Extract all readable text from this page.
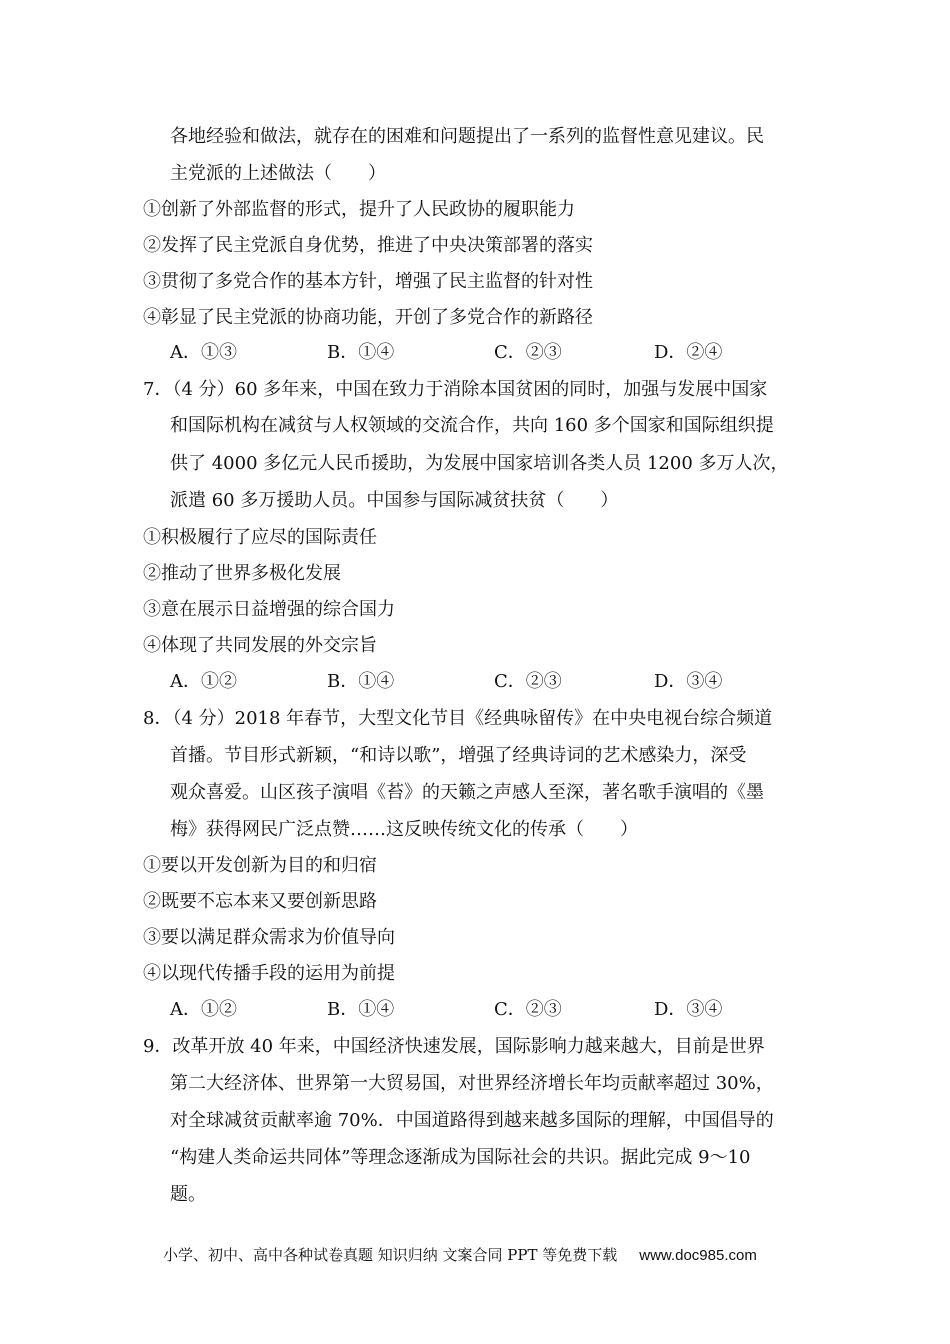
各地经验和做法，就存在的困难和问题提出了一系列的监督性意见建议。民
主党派的上述做法（　　）
①创新了外部监督的形式，提升了人民政协的履职能力
②发挥了民主党派自身优势，推进了中央决策部署的落实
③贯彻了多党合作的基本方针，增强了民主监督的针对性
④彰显了民主党派的协商功能，开创了多党合作的新路径
A．①③	B．①④	C．②③	D．②④
7．（4 分）60 多年来，中国在致力于消除本国贫困的同时，加强与发展中国家
和国际机构在减贫与人权领域的交流合作，共向 160 多个国家和国际组织提
供了 4000 多亿元人民币援助，为发展中国家培训各类人员 1200 多万人次，
派遣 60 多万援助人员。中国参与国际减贫扶贫（　　）
①积极履行了应尽的国际责任
②推动了世界多极化发展
③意在展示日益增强的综合国力
④体现了共同发展的外交宗旨
A．①②	B．①④	C．②③	D．③④
8．（4 分）2018 年春节，大型文化节目《经典咏留传》在中央电视台综合频道
首播。节目形式新颖，“和诗以歌”，增强了经典诗词的艺术感染力，深受
观众喜爱。山区孩子演唱《苔》的天籁之声感人至深，著名歌手演唱的《墨
梅》获得网民广泛点赞……这反映传统文化的传承（　　）
①要以开发创新为目的和归宿
②既要不忘本来又要创新思路
③要以满足群众需求为价值导向
④以现代传播手段的运用为前提
A．①②	B．①④	C．②③	D．③④
9．改革开放 40 年来，中国经济快速发展，国际影响力越来越大，目前是世界
第二大经济体、世界第一大贸易国，对世界经济增长年均贡献率超过 30%，
对全球减贫贡献率逾 70%．中国道路得到越来越多国际的理解，中国倡导的
“构建人类命运共同体”等理念逐渐成为国际社会的共识。据此完成 9～10
题。
小学、初中、高中各种试卷真题 知识归纳 文案合同 PPT 等免费下载 www.doc985.com
